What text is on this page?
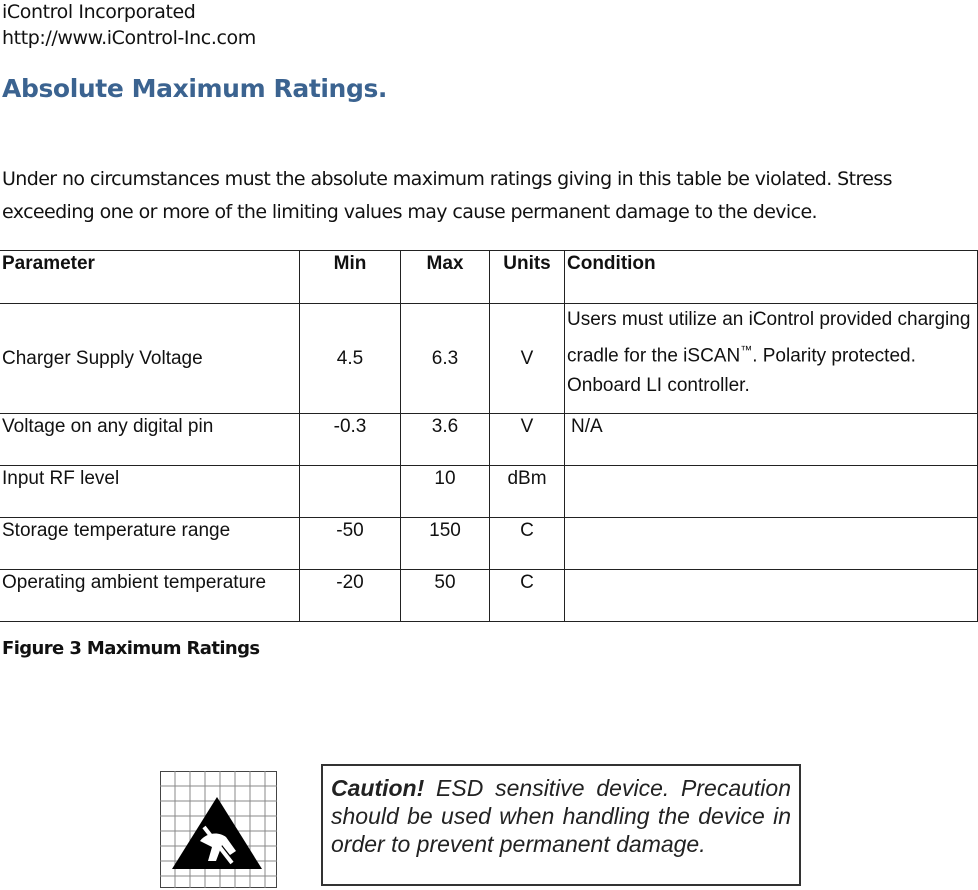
iControl Incorporated
http://www.iControl-Inc.com
Absolute Maximum Ratings.

Under no circumstances must the absolute maximum ratings giving in this table be violated. Stress exceeding one or more of the limiting values may cause permanent damage to the device.

Parameter	Min	Max	Units	Condition
Charger Supply Voltage	4.5	6.3	V	Users must utilize an iControl provided charging cradle for the iSCAN™. Polarity protected. Onboard LI controller.
Voltage on any digital pin	-0.3	3.6	V	N/A
Input RF level		10	dBm	
Storage temperature range	-50	150	C	
Operating ambient temperature	-20	50	C	
Figure 3 Maximum Ratings
Caution! ESD sensitive device. Precaution should be used when handling the device in order to prevent permanent damage.
